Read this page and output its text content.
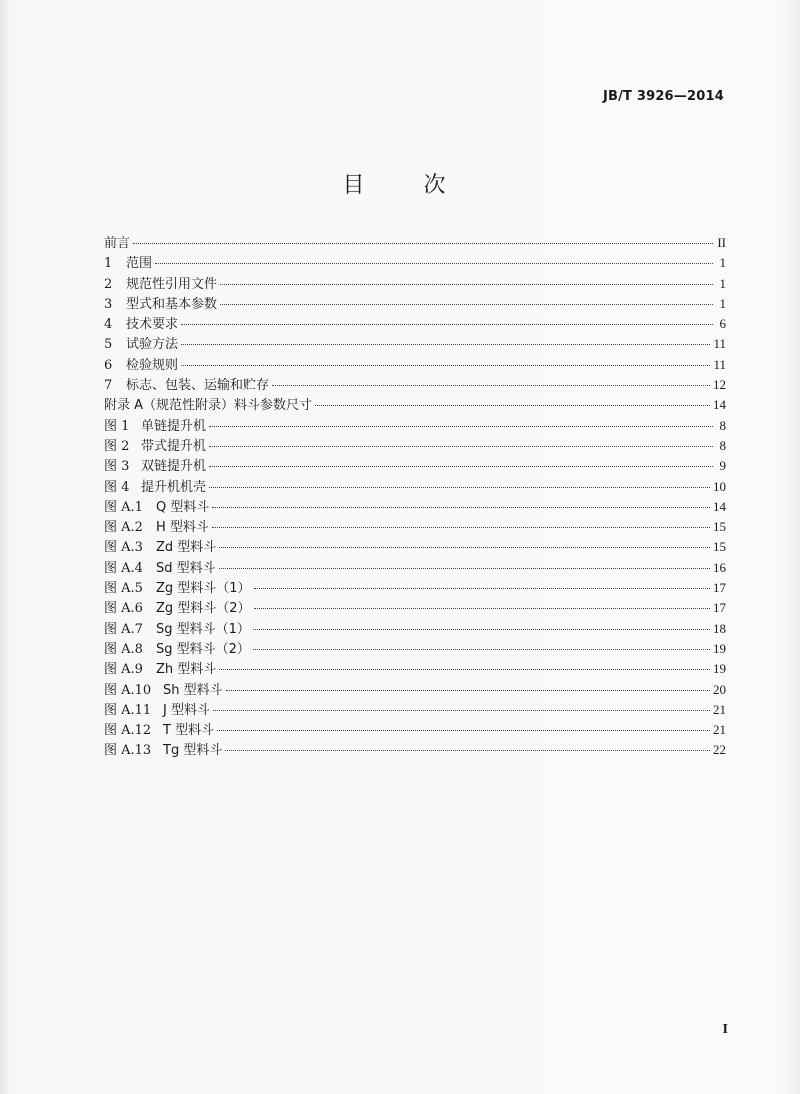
JB/T 3926—2014
目 次
前言	II
1	范围	1
2	规范性引用文件	1
3	型式和基本参数	1
4	技术要求	6
5	试验方法	11
6	检验规则	11
7	标志、包装、运输和贮存	12
附录 A（规范性附录）料斗参数尺寸	14
图 1 单链提升机	8
图 2 带式提升机	8
图 3 双链提升机	9
图 4 提升机机壳	10
图 A.1	Q 型料斗	14
图 A.2	H 型料斗	15
图 A.3	Zd 型料斗	15
图 A.4	Sd 型料斗	16
图 A.5	Zg 型料斗（1）	17
图 A.6	Zg 型料斗（2）	17
图 A.7	Sg 型料斗（1）	18
图 A.8	Sg 型料斗（2）	19
图 A.9	Zh 型料斗	19
图 A.10 Sh 型料斗	20
图 A.11 J 型料斗	21
图 A.12 T 型料斗	21
图 A.13 Tg 型料斗	22
I
